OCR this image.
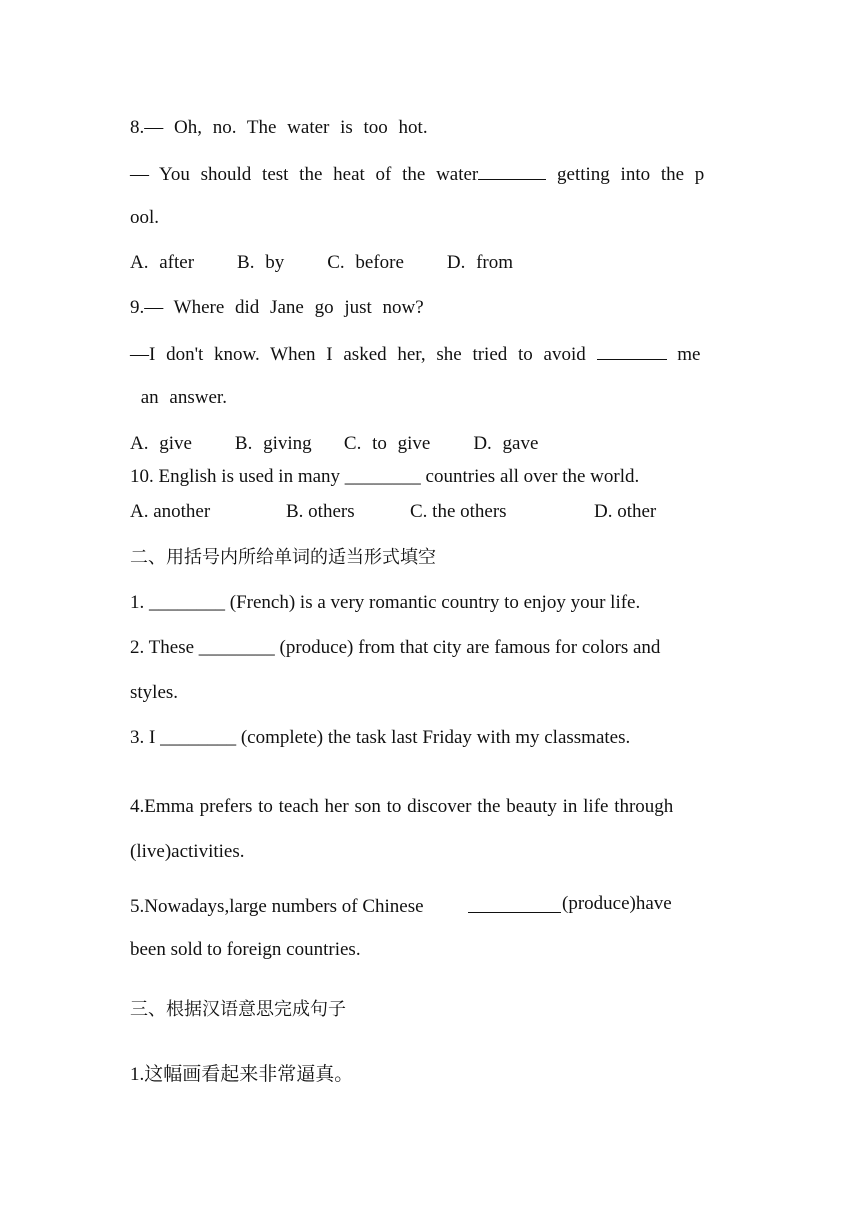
8.— Oh, no. The water is too hot.
— You should test the heat of the water	getting into the p
ool.
A. after    B. by    C. before    D. from
9.— Where did Jane go just now?
—I don't know. When I asked her, she tried to avoid	me
an answer.
A. give    B. giving   C. to give    D. gave
10. English is used in many ________ countries all over the world.
A. another	B. others	C. the others	D. other
二、用括号内所给单词的适当形式填空
1. ________ (French) is a very romantic country to enjoy your life.
2. These ________ (produce) from that city are famous for colors and
styles.
3. I ________ (complete) the task last Friday with my classmates.
4.Emma prefers to teach her son to discover the beauty in life through
(live)activities.
5.Nowadays,large numbers of Chinese	(produce)have
been sold to foreign countries.
三、根据汉语意思完成句子
1.这幅画看起来非常逼真。
